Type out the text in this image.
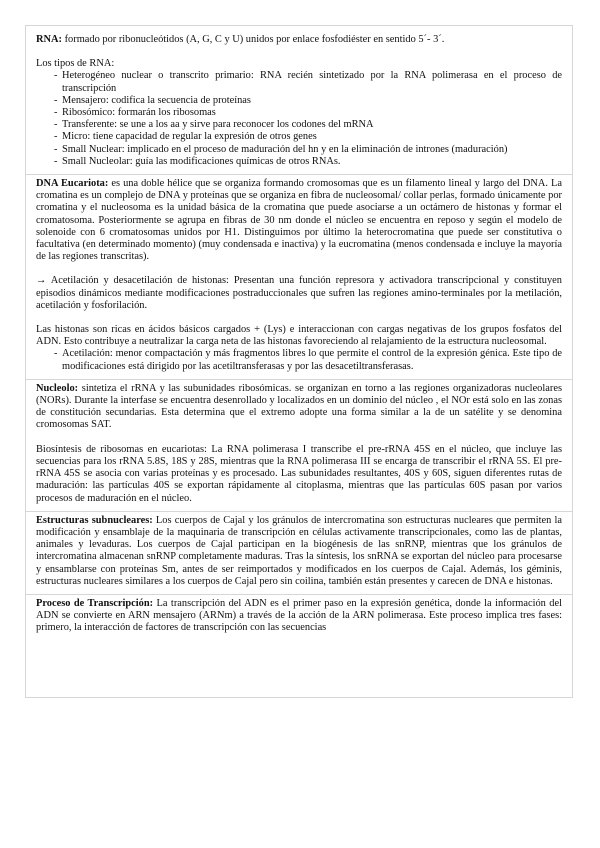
RNA: formado por ribonucleótidos (A, G, C y U) unidos por enlace fosfodiéster en sentido 5´- 3´.

Los tipos de RNA:

- Heterogéneo nuclear o transcrito primario: RNA recién sintetizado por la RNA polimerasa en el proceso de transcripción
- Mensajero: codifica la secuencia de proteínas
- Ribosómico: formarán los ribosomas
- Transferente: se une a los aa y sirve para reconocer los codones del mRNA
- Micro: tiene capacidad de regular la expresión de otros genes
- Small Nuclear: implicado en el proceso de maduración del hn y en la eliminación de intrones (maduración)
- Small Nucleolar: guía las modificaciones químicas de otros RNAs.

DNA Eucariota: es una doble hélice que se organiza formando cromosomas que es un filamento lineal y largo del DNA. La cromatina es un complejo de DNA y proteínas que se organiza en fibra de nucleosomal/ collar perlas, formado únicamente por cromatina y el nucleosoma es la unidad básica de la cromatina que puede asociarse a un octámero de histonas y formar el cromatosoma. Posteriormente se agrupa en fibras de 30 nm donde el núcleo se encuentra en reposo y según el modelo de solenoide con 6 cromatosomas unidos por H1. Distinguimos por último la heterocromatina que puede ser constitutiva o facultativa (en determinado momento) (muy condensada e inactiva) y la eucromatina (menos condensada e incluye la mayoría de las regiones transcritas).

→ Acetilación y desacetilación de histonas: Presentan una función represora y activadora transcripcional y constituyen episodios dinámicos mediante modificaciones postraduccionales que sufren las regiones amino-terminales por la metilación, acetilación y fosforilación.

Las histonas son ricas en ácidos básicos cargados + (Lys) e interaccionan con cargas negativas de los grupos fosfatos del ADN. Esto contribuye a neutralizar la carga neta de las histonas favoreciendo al relajamiento de la estructura nucleosomal.

- Acetilación: menor compactación y más fragmentos libres lo que permite el control de la expresión génica. Este tipo de modificaciones está dirigido por las acetiltransferasas y por las desacetiltransferasas.

Nucleolo: sintetiza el rRNA y las subunidades ribosómicas. se organizan en torno a las regiones organizadoras nucleolares (NORs). Durante la interfase se encuentra desenrollado y localizados en un dominio del núcleo , el NOr está solo en las zonas de constitución secundarias. Esta determina que el extremo adopte una forma similar a la de un satélite y se denomina cromosomas SAT.

Biosíntesis de ribosomas en eucariotas: La RNA polimerasa I transcribe el pre-rRNA 45S en el núcleo, que incluye las secuencias para los rRNA 5.8S, 18S y 28S, mientras que la RNA polimerasa III se encarga de transcribir el rRNA 5S. El pre-rRNA 45S se asocia con varias proteínas y es procesado. Las subunidades resultantes, 40S y 60S, siguen diferentes rutas de maduración: las partículas 40S se exportan rápidamente al citoplasma, mientras que las partículas 60S pasan por varios procesos de maduración en el núcleo.

Estructuras subnucleares: Los cuerpos de Cajal y los gránulos de intercromatina son estructuras nucleares que permiten la modificación y ensamblaje de la maquinaria de transcripción en células activamente transcripcionales, como las de plantas, animales y levaduras. Los cuerpos de Cajal participan en la biogénesis de las snRNP, mientras que los gránulos de intercromatina almacenan snRNP completamente maduras. Tras la síntesis, los snRNA se exportan del núcleo para procesarse y ensamblarse con proteínas Sm, antes de ser reimportados y modificados en los cuerpos de Cajal. Además, los géminis, estructuras nucleares similares a los cuerpos de Cajal pero sin coilina, también están presentes y carecen de DNA e histonas.

Proceso de Transcripción: La transcripción del ADN es el primer paso en la expresión genética, donde la información del ADN se convierte en ARN mensajero (ARNm) a través de la acción de la ARN polimerasa. Este proceso implica tres fases: primero, la interacción de factores de transcripción con las secuencias
